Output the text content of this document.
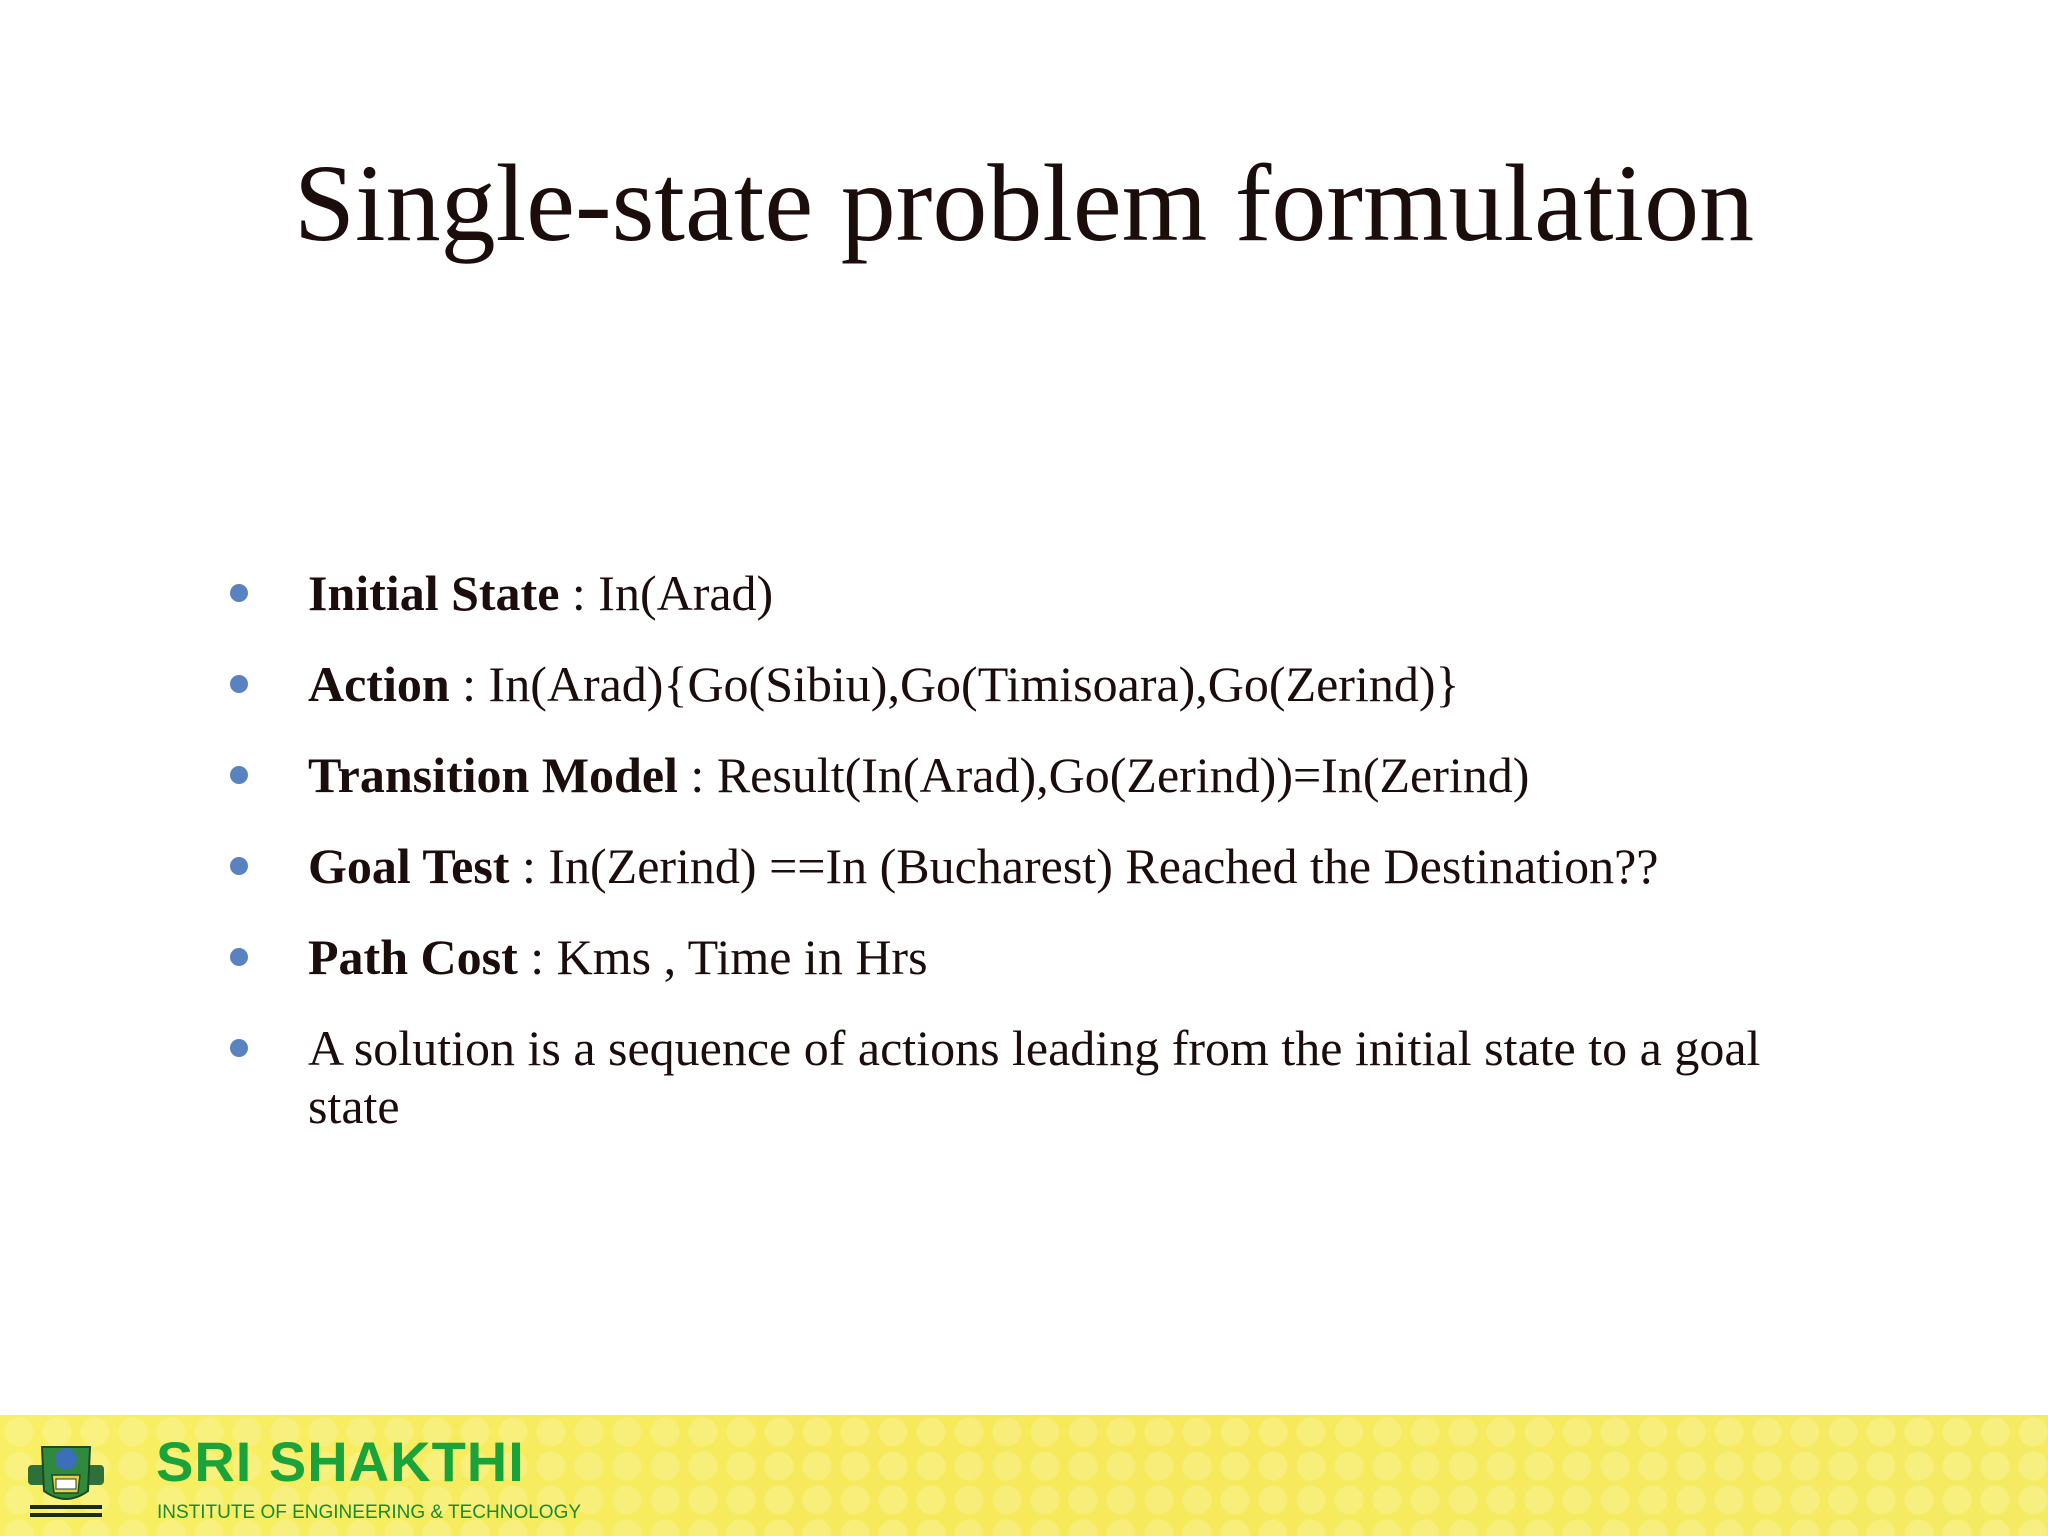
Single-state problem formulation
Initial State : In(Arad)
Action : In(Arad){Go(Sibiu),Go(Timisoara),Go(Zerind)}
Transition Model : Result(In(Arad),Go(Zerind))=In(Zerind)
Goal Test : In(Zerind) ==In (Bucharest) Reached the Destination??
Path Cost : Kms , Time in Hrs
A solution is a sequence of actions leading from the initial state to a goal state
SRI SHAKTHI
INSTITUTE OF ENGINEERING & TECHNOLOGY
